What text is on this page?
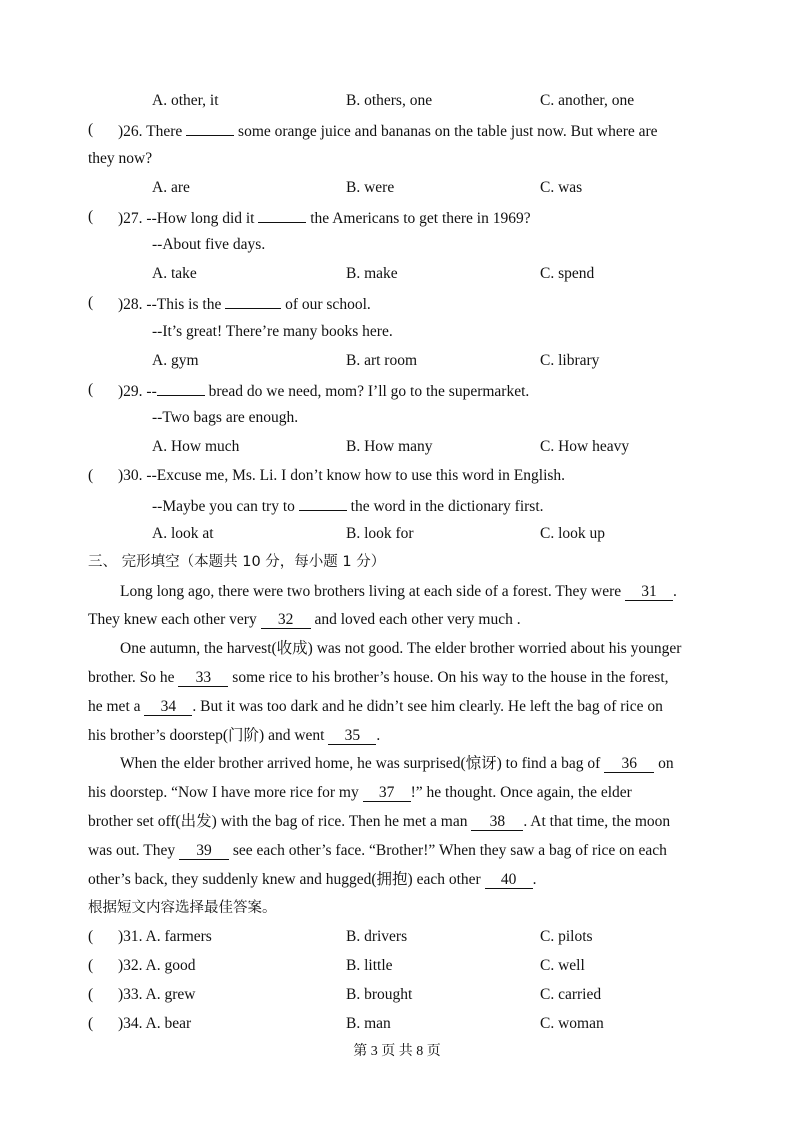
A. other, it	B. others, one	C. another, one
( )26. There	some orange juice and bananas on the table just now. But where are
they now?
A. are	B. were	C. was
( )27. --How long did it	the Americans to get there in 1969?
--About five days.
A. take	B. make	C. spend
( )28. --This is the	of our school.
--It’s great! There’re many books here.
A. gym	B. art room	C. library
( )29. --	bread do we need, mom? I’ll go to the supermarket.
--Two bags are enough.
A. How much	B. How many	C. How heavy
( )30. --Excuse me, Ms. Li. I don’t know how to use this word in English.
--Maybe you can try to	the word in the dictionary first.
A. look at	B. look for	C. look up
三、 完形填空（本题共 10 分，每小题 1 分）
Long long ago, there were two brothers living at each side of a forest. They were 31 .
They knew each other very 32 and loved each other very much .
One autumn, the harvest(收成) was not good. The elder brother worried about his younger
brother. So he 33 some rice to his brother’s house. On his way to the house in the forest,
he met a 34 . But it was too dark and he didn’t see him clearly. He left the bag of rice on
his brother’s doorstep(门阶) and went 35 .
When the elder brother arrived home, he was surprised(惊讶) to find a bag of 36 on
his doorstep. “Now I have more rice for my 37 !” he thought. Once again, the elder
brother set off(出发) with the bag of rice. Then he met a man 38 . At that time, the moon
was out. They 39 see each other’s face. “Brother!” When they saw a bag of rice on each
other’s back, they suddenly knew and hugged(拥抱) each other 40 .
根据短文内容选择最佳答案。
( )31. A. farmers	B. drivers	C. pilots
( )32. A. good	B. little	C. well
( )33. A. grew	B. brought	C. carried
( )34. A. bear	B. man	C. woman
第 3 页 共 8 页
